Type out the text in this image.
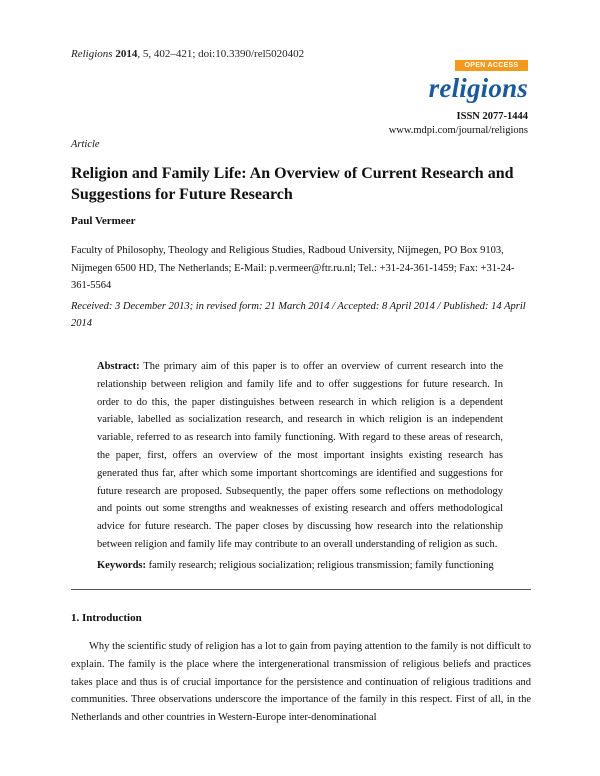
Religions 2014, 5, 402–421; doi:10.3390/rel5020402
OPEN ACCESS
religions
ISSN 2077-1444
www.mdpi.com/journal/religions
Article
Religion and Family Life: An Overview of Current Research and Suggestions for Future Research
Paul Vermeer
Faculty of Philosophy, Theology and Religious Studies, Radboud University, Nijmegen, PO Box 9103, Nijmegen 6500 HD, The Netherlands; E-Mail: p.vermeer@ftr.ru.nl; Tel.: +31-24-361-1459; Fax: +31-24-361-5564
Received: 3 December 2013; in revised form: 21 March 2014 / Accepted: 8 April 2014 / Published: 14 April 2014
Abstract: The primary aim of this paper is to offer an overview of current research into the relationship between religion and family life and to offer suggestions for future research. In order to do this, the paper distinguishes between research in which religion is a dependent variable, labelled as socialization research, and research in which religion is an independent variable, referred to as research into family functioning. With regard to these areas of research, the paper, first, offers an overview of the most important insights existing research has generated thus far, after which some important shortcomings are identified and suggestions for future research are proposed. Subsequently, the paper offers some reflections on methodology and points out some strengths and weaknesses of existing research and offers methodological advice for future research. The paper closes by discussing how research into the relationship between religion and family life may contribute to an overall understanding of religion as such.
Keywords: family research; religious socialization; religious transmission; family functioning
1. Introduction
Why the scientific study of religion has a lot to gain from paying attention to the family is not difficult to explain. The family is the place where the intergenerational transmission of religious beliefs and practices takes place and thus is of crucial importance for the persistence and continuation of religious traditions and communities. Three observations underscore the importance of the family in this respect. First of all, in the Netherlands and other countries in Western-Europe inter-denominational
